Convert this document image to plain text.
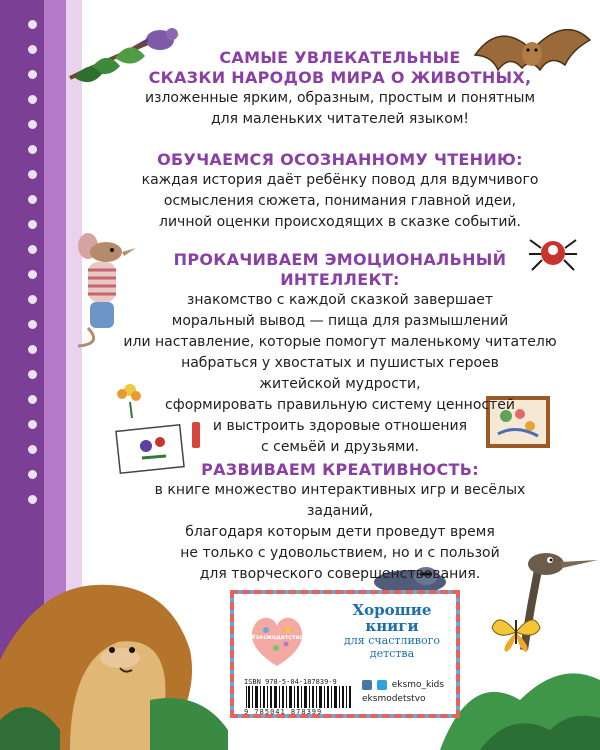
САМЫЕ УВЛЕКАТЕЛЬНЫЕ
СКАЗКИ НАРОДОВ МИРА О ЖИВОТНЫХ,
изложенные ярким, образным, простым и понятным
для маленьких читателей языком!
ОБУЧАЕМСЯ ОСОЗНАННОМУ ЧТЕНИЮ:
каждая история даёт ребёнку повод для вдумчивого
осмысления сюжета, понимания главной идеи,
личной оценки происходящих в сказке событий.
ПРОКАЧИВАЕМ ЭМОЦИОНАЛЬНЫЙ ИНТЕЛЛЕКТ:
знакомство с каждой сказкой завершает
моральный вывод — пища для размышлений
или наставление, которые помогут маленькому читателю
набраться у хвостатых и пушистых героев
житейской мудрости,
сформировать правильную систему ценностей
и выстроить здоровые отношения
с семьёй и друзьями.
РАЗВИВАЕМ КРЕАТИВНОСТЬ:
в книге множество интерактивных игр и весёлых заданий,
благодаря которым дети проведут время
не только с удовольствием, но и с пользой
для творческого совершенствования.
#эксмодетство
Хорошие
книги
для счастливого
детства
ISBN 978-5-04-187839-9
9 785041 878399
eksmo_kids
eksmodetstvo
